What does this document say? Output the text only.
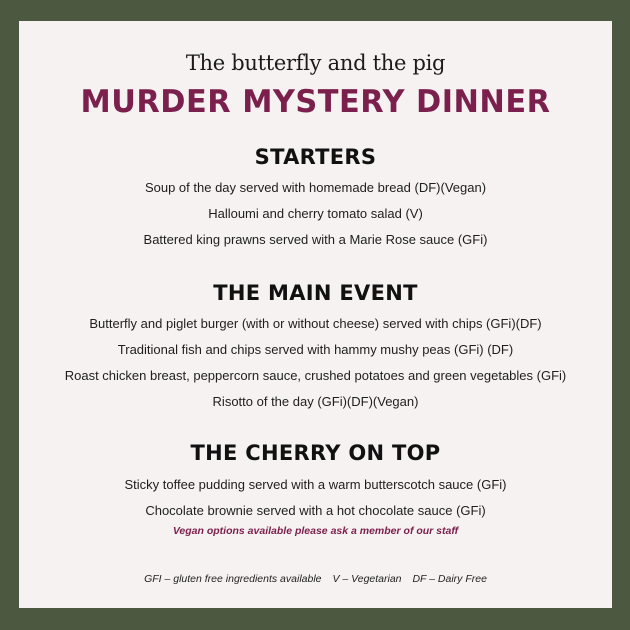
The butterfly and the pig
MURDER MYSTERY DINNER
STARTERS
Soup of the day served with homemade bread (DF)(Vegan)
Halloumi and cherry tomato salad (V)
Battered king prawns served with a Marie Rose sauce (GFi)
THE MAIN EVENT
Butterfly and piglet burger (with or without cheese) served with chips (GFi)(DF)
Traditional fish and chips served with hammy mushy peas (GFi) (DF)
Roast chicken breast, peppercorn sauce, crushed potatoes and green vegetables (GFi)
Risotto of the day (GFi)(DF)(Vegan)
THE CHERRY ON TOP
Sticky toffee pudding served with a warm butterscotch sauce (GFi)
Chocolate brownie served with a hot chocolate sauce (GFi)
Vegan options available please ask a member of our staff
GFI – gluten free ingredients available V – Vegetarian DF – Dairy Free
